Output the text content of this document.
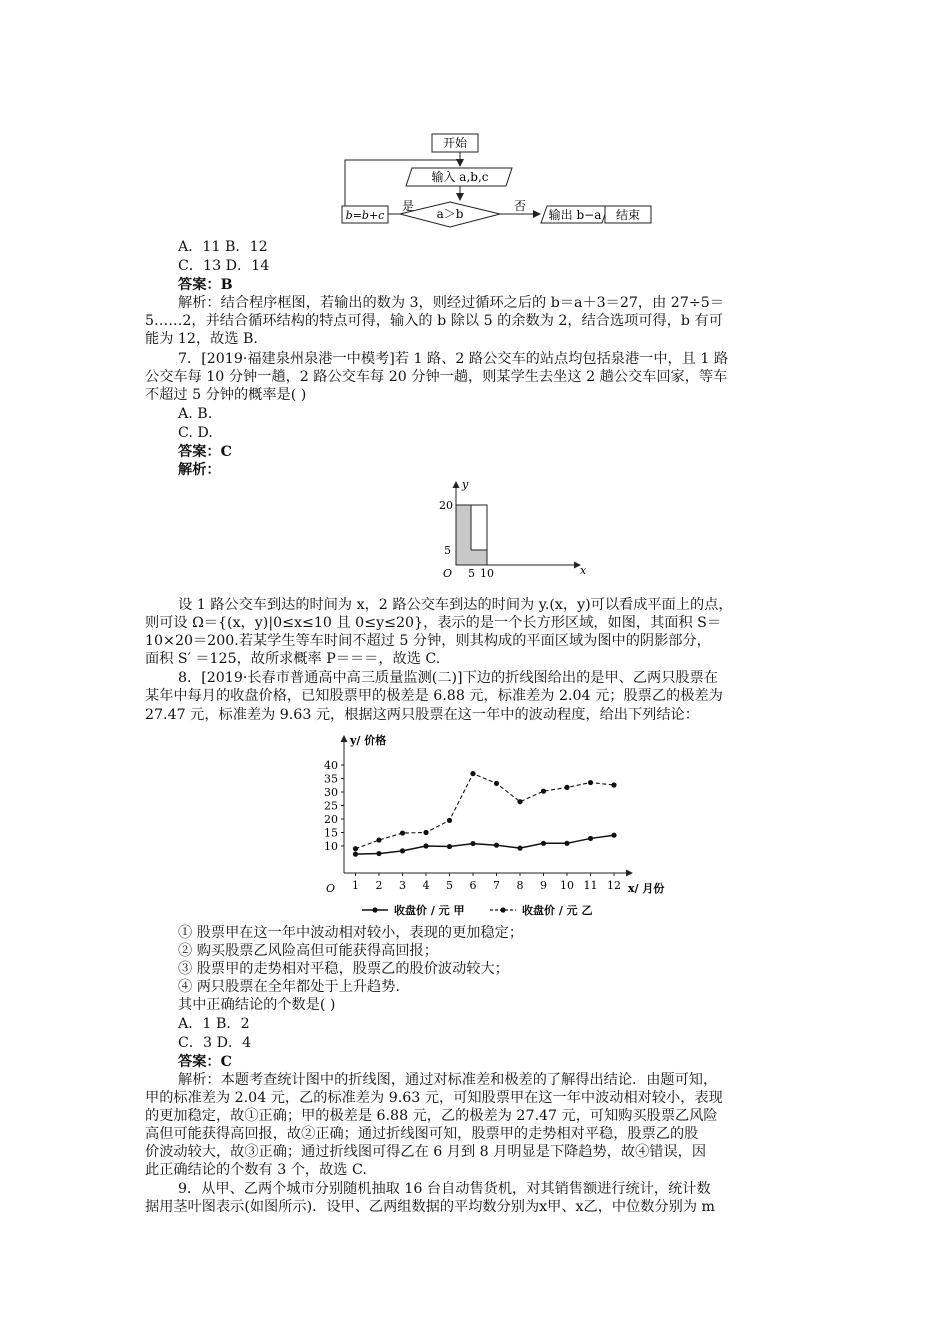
开始
输入 a,b,c
a＞b
是	否
b=b+c	输出 b−a 结束
A．11 B．12
C．13 D．14
答案：B
解析：结合程序框图，若输出的数为 3，则经过循环之后的 b＝a＋3＝27，由 27÷5＝
5……2，并结合循环结构的特点可得，输入的 b 除以 5 的余数为 2，结合选项可得，b 有可
能为 12，故选 B.
7．[2019·福建泉州泉港一中模考]若 1 路、2 路公交车的站点均包括泉港一中，且 1 路
公交车每 10 分钟一趟，2 路公交车每 20 分钟一趟，则某学生去坐这 2 趟公交车回家，等车
不超过 5 分钟的概率是( )
A. B.
C. D.
答案：C
解析：
y
x
O
20
5
5 10
设 1 路公交车到达的时间为 x，2 路公交车到达的时间为 y.(x，y)可以看成平面上的点，
则可设 Ω＝{(x，y)|0≤x≤10 且 0≤y≤20}，表示的是一个长方形区域，如图，其面积 S＝
10×20＝200.若某学生等车时间不超过 5 分钟，则其构成的平面区域为图中的阴影部分，
面积 S′ ＝125，故所求概率 P＝＝＝，故选 C.
8．[2019·长春市普通高中高三质量监测(二)]下边的折线图给出的是甲、乙两只股票在
某年中每月的收盘价格，已知股票甲的极差是 6.88 元，标准差为 2.04 元；股票乙的极差为
27.47 元，标准差为 9.63 元，根据这两只股票在这一年中的波动程度，给出下列结论：
y/ 价格
x/ 月份
O
10
15
20
25
30
35
40
1 2 3 4 5 6 7 8 9 10 11 12
收盘价 / 元 甲	收盘价 / 元 乙
① 股票甲在这一年中波动相对较小，表现的更加稳定；
② 购买股票乙风险高但可能获得高回报；
③ 股票甲的走势相对平稳，股票乙的股价波动较大；
④ 两只股票在全年都处于上升趋势.
其中正确结论的个数是( )
A．1 B．2
C．3 D．4
答案：C
解析：本题考查统计图中的折线图，通过对标准差和极差的了解得出结论．由题可知，
甲的标准差为 2.04 元，乙的标准差为 9.63 元，可知股票甲在这一年中波动相对较小，表现
的更加稳定，故①正确；甲的极差是 6.88 元，乙的极差为 27.47 元，可知购买股票乙风险
高但可能获得高回报，故②正确；通过折线图可知，股票甲的走势相对平稳，股票乙的股
价波动较大，故③正确；通过折线图可得乙在 6 月到 8 月明显是下降趋势，故④错误，因
此正确结论的个数有 3 个，故选 C.
9．从甲、乙两个城市分别随机抽取 16 台自动售货机，对其销售额进行统计，统计数
据用茎叶图表示(如图所示)．设甲、乙两组数据的平均数分别为x甲、x乙，中位数分别为 m
